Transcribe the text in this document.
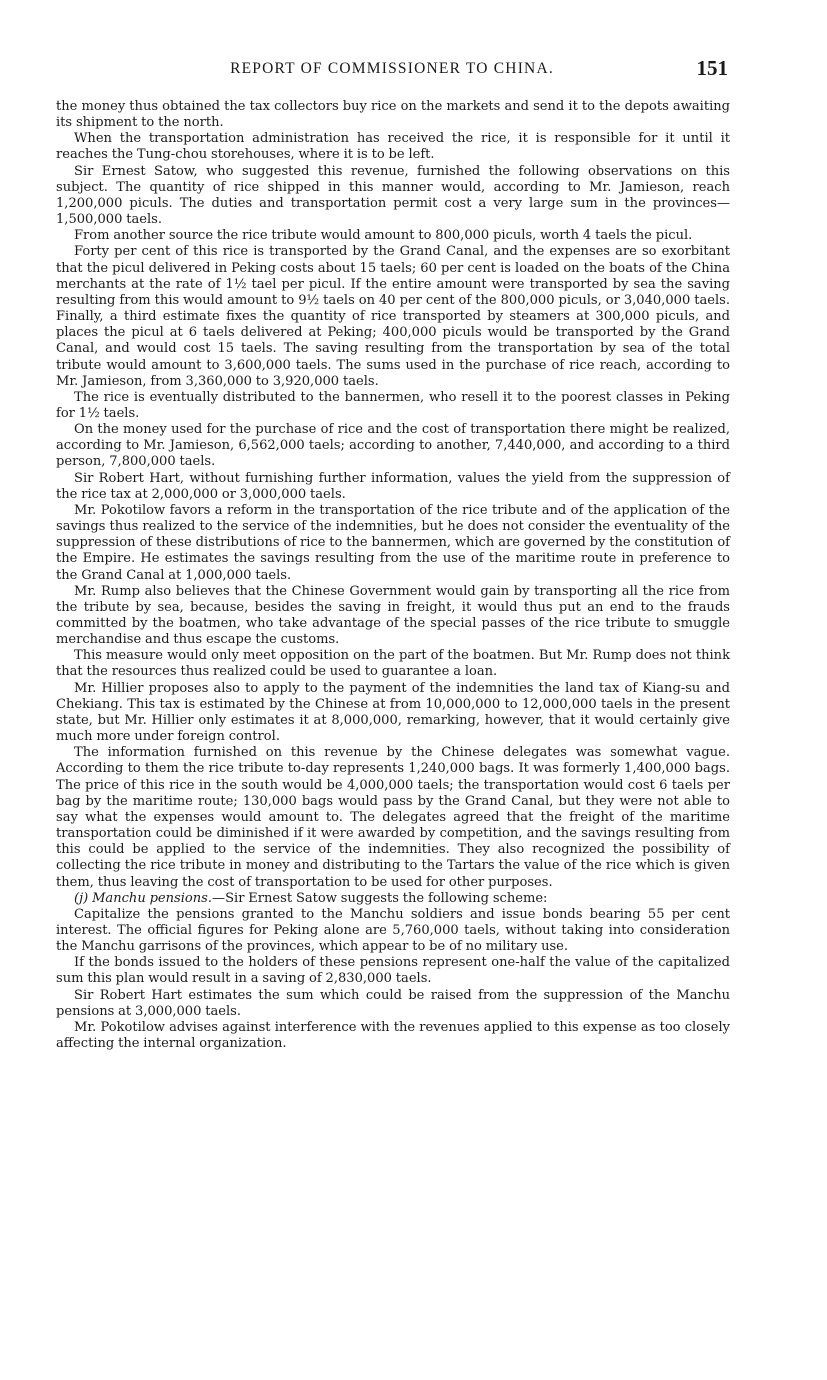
REPORT OF COMMISSIONER TO CHINA.	151

the money thus obtained the tax collectors buy rice on the markets and send it to the depots awaiting its shipment to the north.

When the transportation administration has received the rice, it is responsible for it until it reaches the Tung-chou storehouses, where it is to be left.

Sir Ernest Satow, who suggested this revenue, furnished the following observations on this subject. The quantity of rice shipped in this manner would, according to Mr. Jamieson, reach 1,200,000 piculs. The duties and transportation permit cost a very large sum in the provinces—1,500,000 taels.

From another source the rice tribute would amount to 800,000 piculs, worth 4 taels the picul.

Forty per cent of this rice is transported by the Grand Canal, and the expenses are so exorbitant that the picul delivered in Peking costs about 15 taels; 60 per cent is loaded on the boats of the China merchants at the rate of 1½ tael per picul. If the entire amount were transported by sea the saving resulting from this would amount to 9½ taels on 40 per cent of the 800,000 piculs, or 3,040,000 taels. Finally, a third estimate fixes the quantity of rice transported by steamers at 300,000 piculs, and places the picul at 6 taels delivered at Peking; 400,000 piculs would be transported by the Grand Canal, and would cost 15 taels. The saving resulting from the transportation by sea of the total tribute would amount to 3,600,000 taels. The sums used in the purchase of rice reach, according to Mr. Jamieson, from 3,360,000 to 3,920,000 taels.

The rice is eventually distributed to the bannermen, who resell it to the poorest classes in Peking for 1½ taels.

On the money used for the purchase of rice and the cost of transportation there might be realized, according to Mr. Jamieson, 6,562,000 taels; according to another, 7,440,000, and according to a third person, 7,800,000 taels.

Sir Robert Hart, without furnishing further information, values the yield from the suppression of the rice tax at 2,000,000 or 3,000,000 taels.

Mr. Pokotilow favors a reform in the transportation of the rice tribute and of the application of the savings thus realized to the service of the indemnities, but he does not consider the eventuality of the suppression of these distributions of rice to the bannermen, which are governed by the constitution of the Empire. He estimates the savings resulting from the use of the maritime route in preference to the Grand Canal at 1,000,000 taels.

Mr. Rump also believes that the Chinese Government would gain by transporting all the rice from the tribute by sea, because, besides the saving in freight, it would thus put an end to the frauds committed by the boatmen, who take advantage of the special passes of the rice tribute to smuggle merchandise and thus escape the customs.

This measure would only meet opposition on the part of the boatmen. But Mr. Rump does not think that the resources thus realized could be used to guarantee a loan.

Mr. Hillier proposes also to apply to the payment of the indemnities the land tax of Kiang-su and Chekiang. This tax is estimated by the Chinese at from 10,000,000 to 12,000,000 taels in the present state, but Mr. Hillier only estimates it at 8,000,000, remarking, however, that it would certainly give much more under foreign control.

The information furnished on this revenue by the Chinese delegates was somewhat vague. According to them the rice tribute to-day represents 1,240,000 bags. It was formerly 1,400,000 bags. The price of this rice in the south would be 4,000,000 taels; the transportation would cost 6 taels per bag by the maritime route; 130,000 bags would pass by the Grand Canal, but they were not able to say what the expenses would amount to. The delegates agreed that the freight of the maritime transportation could be diminished if it were awarded by competition, and the savings resulting from this could be applied to the service of the indemnities. They also recognized the possibility of collecting the rice tribute in money and distributing to the Tartars the value of the rice which is given them, thus leaving the cost of transportation to be used for other purposes.

(j) Manchu pensions.—Sir Ernest Satow suggests the following scheme:

Capitalize the pensions granted to the Manchu soldiers and issue bonds bearing 55 per cent interest. The official figures for Peking alone are 5,760,000 taels, without taking into consideration the Manchu garrisons of the provinces, which appear to be of no military use.

If the bonds issued to the holders of these pensions represent one-half the value of the capitalized sum this plan would result in a saving of 2,830,000 taels.

Sir Robert Hart estimates the sum which could be raised from the suppression of the Manchu pensions at 3,000,000 taels.

Mr. Pokotilow advises against interference with the revenues applied to this expense as too closely affecting the internal organization.
